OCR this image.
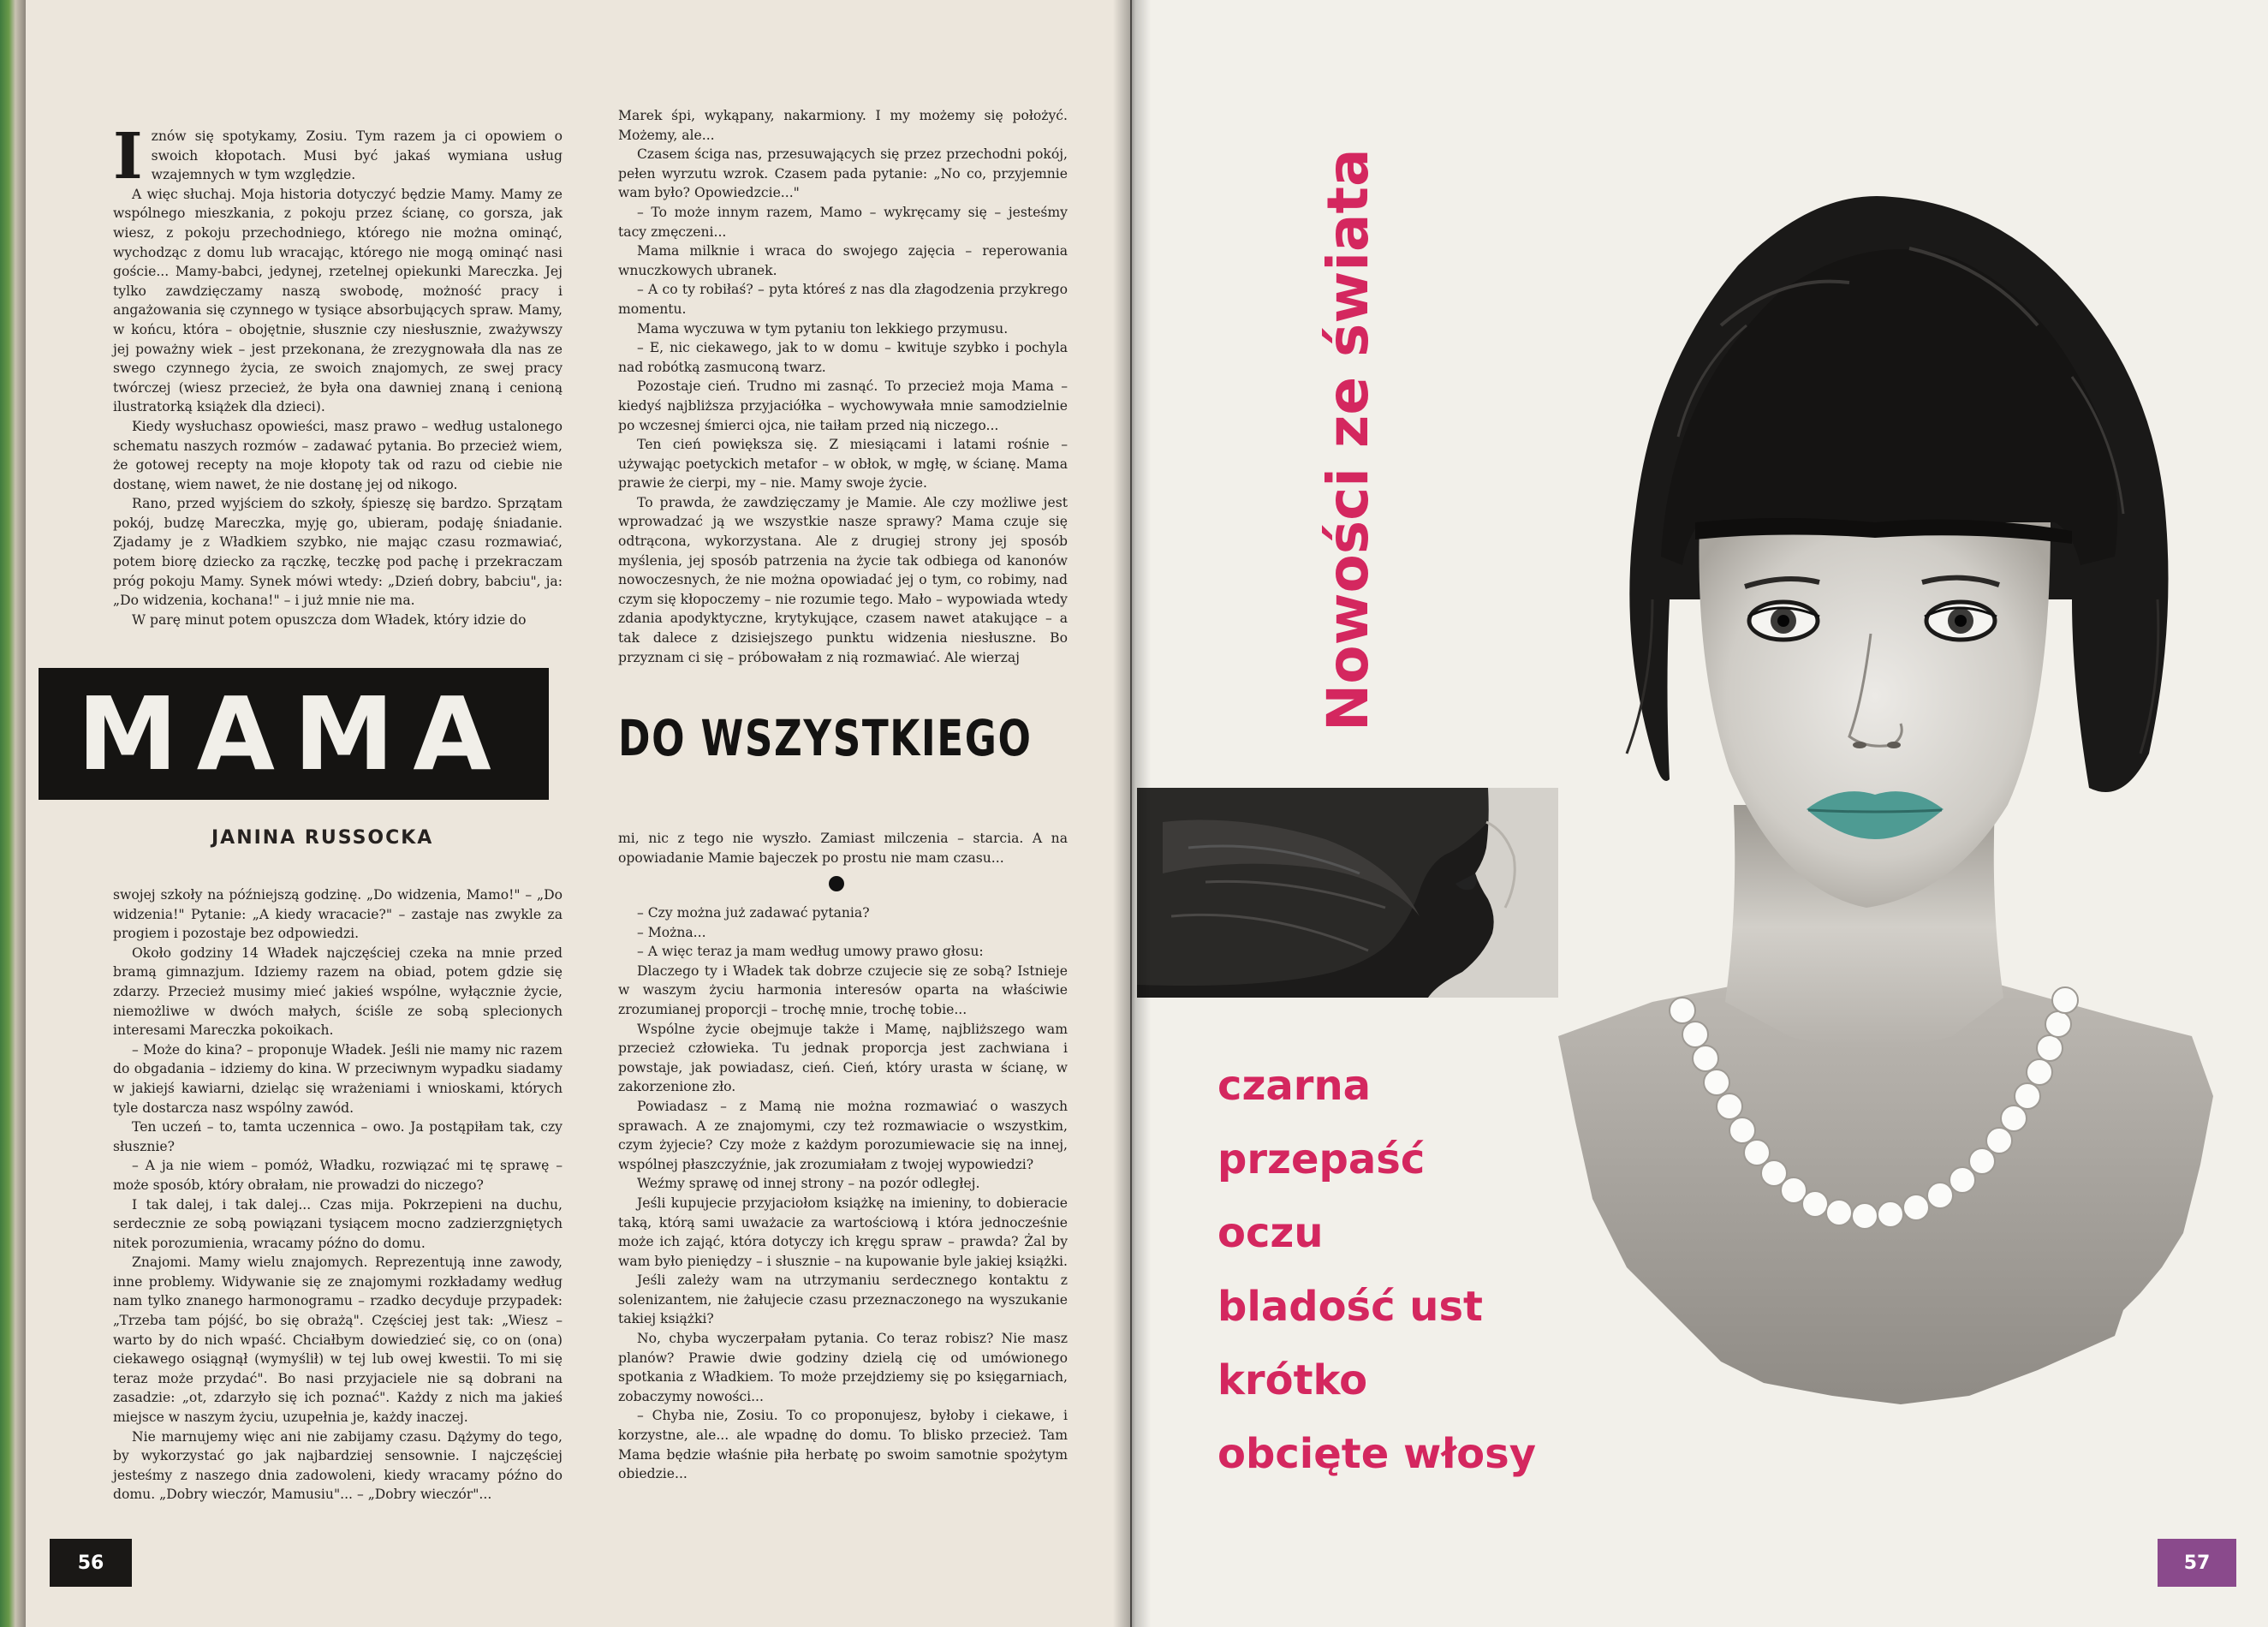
Iznów się spotykamy, Zosiu. Tym razem ja ci opowiem o swoich kłopotach. Musi być jakaś wymiana usług wzajemnych w tym względzie.

A więc słuchaj. Moja historia dotyczyć będzie Mamy. Mamy ze wspólnego mieszkania, z pokoju przez ścianę, co gorsza, jak wiesz, z pokoju przechodniego, którego nie można ominąć, wychodząc z domu lub wracając, którego nie mogą ominąć nasi goście... Mamy-babci, jedynej, rzetelnej opiekunki Mareczka. Jej tylko zawdzięczamy naszą swobodę, możność pracy i angażowania się czynnego w tysiące absorbujących spraw. Mamy, w końcu, która – obojętnie, słusznie czy niesłusznie, zważywszy jej poważny wiek – jest przekonana, że zrezygnowała dla nas ze swego czynnego życia, ze swoich znajomych, ze swej pracy twórczej (wiesz przecież, że była ona dawniej znaną i cenioną ilustratorką książek dla dzieci).

Kiedy wysłuchasz opowieści, masz prawo – według ustalonego schematu naszych rozmów – zadawać pytania. Bo przecież wiem, że gotowej recepty na moje kłopoty tak od razu od ciebie nie dostanę, wiem nawet, że nie dostanę jej od nikogo.

Rano, przed wyjściem do szkoły, śpieszę się bardzo. Sprzątam pokój, budzę Mareczka, myję go, ubieram, podaję śniadanie. Zjadamy je z Władkiem szybko, nie mając czasu rozmawiać, potem biorę dziecko za rączkę, teczkę pod pachę i przekraczam próg pokoju Mamy. Synek mówi wtedy: „Dzień dobry, babciu", ja: „Do widzenia, kochana!" – i już mnie nie ma.

W parę minut potem opuszcza dom Władek, który idzie do

Marek śpi, wykąpany, nakarmiony. I my możemy się położyć. Możemy, ale...

Czasem ściga nas, przesuwających się przez przechodni pokój, pełen wyrzutu wzrok. Czasem pada pytanie: „No co, przyjemnie wam było? Opowiedzcie..."

– To może innym razem, Mamo – wykręcamy się – jesteśmy tacy zmęczeni...

Mama milknie i wraca do swojego zajęcia – reperowania wnuczkowych ubranek.

– A co ty robiłaś? – pyta któreś z nas dla złagodzenia przykrego momentu.

Mama wyczuwa w tym pytaniu ton lekkiego przymusu.

– E, nic ciekawego, jak to w domu – kwituje szybko i pochyla nad robótką zasmuconą twarz.

Pozostaje cień. Trudno mi zasnąć. To przecież moja Mama – kiedyś najbliższa przyjaciółka – wychowywała mnie samodzielnie po wczesnej śmierci ojca, nie taiłam przed nią niczego...

Ten cień powiększa się. Z miesiącami i latami rośnie – używając poetyckich metafor – w obłok, w mgłę, w ścianę. Mama prawie że cierpi, my – nie. Mamy swoje życie.

To prawda, że zawdzięczamy je Mamie. Ale czy możliwe jest wprowadzać ją we wszystkie nasze sprawy? Mama czuje się odtrącona, wykorzystana. Ale z drugiej strony jej sposób myślenia, jej sposób patrzenia na życie tak odbiega od kanonów nowoczesnych, że nie można opowiadać jej o tym, co robimy, nad czym się kłopoczemy – nie rozumie tego. Mało – wypowiada wtedy zdania apodyktyczne, krytykujące, czasem nawet atakujące – a tak dalece z dzisiejszego punktu widzenia niesłuszne. Bo przyznam ci się – próbowałam z nią rozmawiać. Ale wierzaj

MAMA DO WSZYSTKIEGO
JANINA RUSSOCKA	mi, nic z tego nie wyszło. Zamiast milczenia – starcia. A na opowiadanie Mamie bajeczek po prostu nie mam czasu...

swojej szkoły na późniejszą godzinę. „Do widzenia, Mamo!" – „Do widzenia!" Pytanie: „A kiedy wracacie?" – zastaje nas zwykle za progiem i pozostaje bez odpowiedzi.

Około godziny 14 Władek najczęściej czeka na mnie przed bramą gimnazjum. Idziemy razem na obiad, potem gdzie się zdarzy. Przecież musimy mieć jakieś wspólne, wyłącznie życie, niemożliwe w dwóch małych, ściśle ze sobą splecionych interesami Mareczka pokoikach.

– Może do kina? – proponuje Władek. Jeśli nie mamy nic razem do obgadania – idziemy do kina. W przeciwnym wypadku siadamy w jakiejś kawiarni, dzieląc się wrażeniami i wnioskami, których tyle dostarcza nasz wspólny zawód.

Ten uczeń – to, tamta uczennica – owo. Ja postąpiłam tak, czy słusznie?

– A ja nie wiem – pomóż, Władku, rozwiązać mi tę sprawę – może sposób, który obrałam, nie prowadzi do niczego?

I tak dalej, i tak dalej... Czas mija. Pokrzepieni na duchu, serdecznie ze sobą powiązani tysiącem mocno zadzierzgniętych nitek porozumienia, wracamy późno do domu.

Znajomi. Mamy wielu znajomych. Reprezentują inne zawody, inne problemy. Widywanie się ze znajomymi rozkładamy według nam tylko znanego harmonogramu – rzadko decyduje przypadek: „Trzeba tam pójść, bo się obrażą". Częściej jest tak: „Wiesz – warto by do nich wpaść. Chciałbym dowiedzieć się, co on (ona) ciekawego osiągnął (wymyślił) w tej lub owej kwestii. To mi się teraz może przydać". Bo nasi przyjaciele nie są dobrani na zasadzie: „ot, zdarzyło się ich poznać". Każdy z nich ma jakieś miejsce w naszym życiu, uzupełnia je, każdy inaczej.

Nie marnujemy więc ani nie zabijamy czasu. Dążymy do tego, by wykorzystać go jak najbardziej sensownie. I najczęściej jesteśmy z naszego dnia zadowoleni, kiedy wracamy późno do domu. „Dobry wieczór, Mamusiu"... – „Dobry wieczór"...

– Czy można już zadawać pytania?

– Można...

– A więc teraz ja mam według umowy prawo głosu:

Dlaczego ty i Władek tak dobrze czujecie się ze sobą? Istnieje w waszym życiu harmonia interesów oparta na właściwie zrozumianej proporcji – trochę mnie, trochę tobie...

Wspólne życie obejmuje także i Mamę, najbliższego wam przecież człowieka. Tu jednak proporcja jest zachwiana i powstaje, jak powiadasz, cień. Cień, który urasta w ścianę, w zakorzenione zło.

Powiadasz – z Mamą nie można rozmawiać o waszych sprawach. A ze znajomymi, czy też rozmawiacie o wszystkim, czym żyjecie? Czy może z każdym porozumiewacie się na innej, wspólnej płaszczyźnie, jak zrozumiałam z twojej wypowiedzi?

Weźmy sprawę od innej strony – na pozór odległej.

Jeśli kupujecie przyjaciołom książkę na imieniny, to dobieracie taką, którą sami uważacie za wartościową i która jednocześnie może ich zająć, która dotyczy ich kręgu spraw – prawda? Żal by wam było pieniędzy – i słusznie – na kupowanie byle jakiej książki.

Jeśli zależy wam na utrzymaniu serdecznego kontaktu z solenizantem, nie żałujecie czasu przeznaczonego na wyszukanie takiej książki?

No, chyba wyczerpałam pytania. Co teraz robisz? Nie masz planów? Prawie dwie godziny dzielą cię od umówionego spotkania z Władkiem. To może przejdziemy się po księgarniach, zobaczymy nowości...

– Chyba nie, Zosiu. To co proponujesz, byłoby i ciekawe, i korzystne, ale... ale wpadnę do domu. To blisko przecież. Tam Mama będzie właśnie piła herbatę po swoim samotnie spożytym obiedzie...

56
Nowości ze świata
czarna
przepaść
oczu
bladość ust
krótko
obcięte włosy
57
